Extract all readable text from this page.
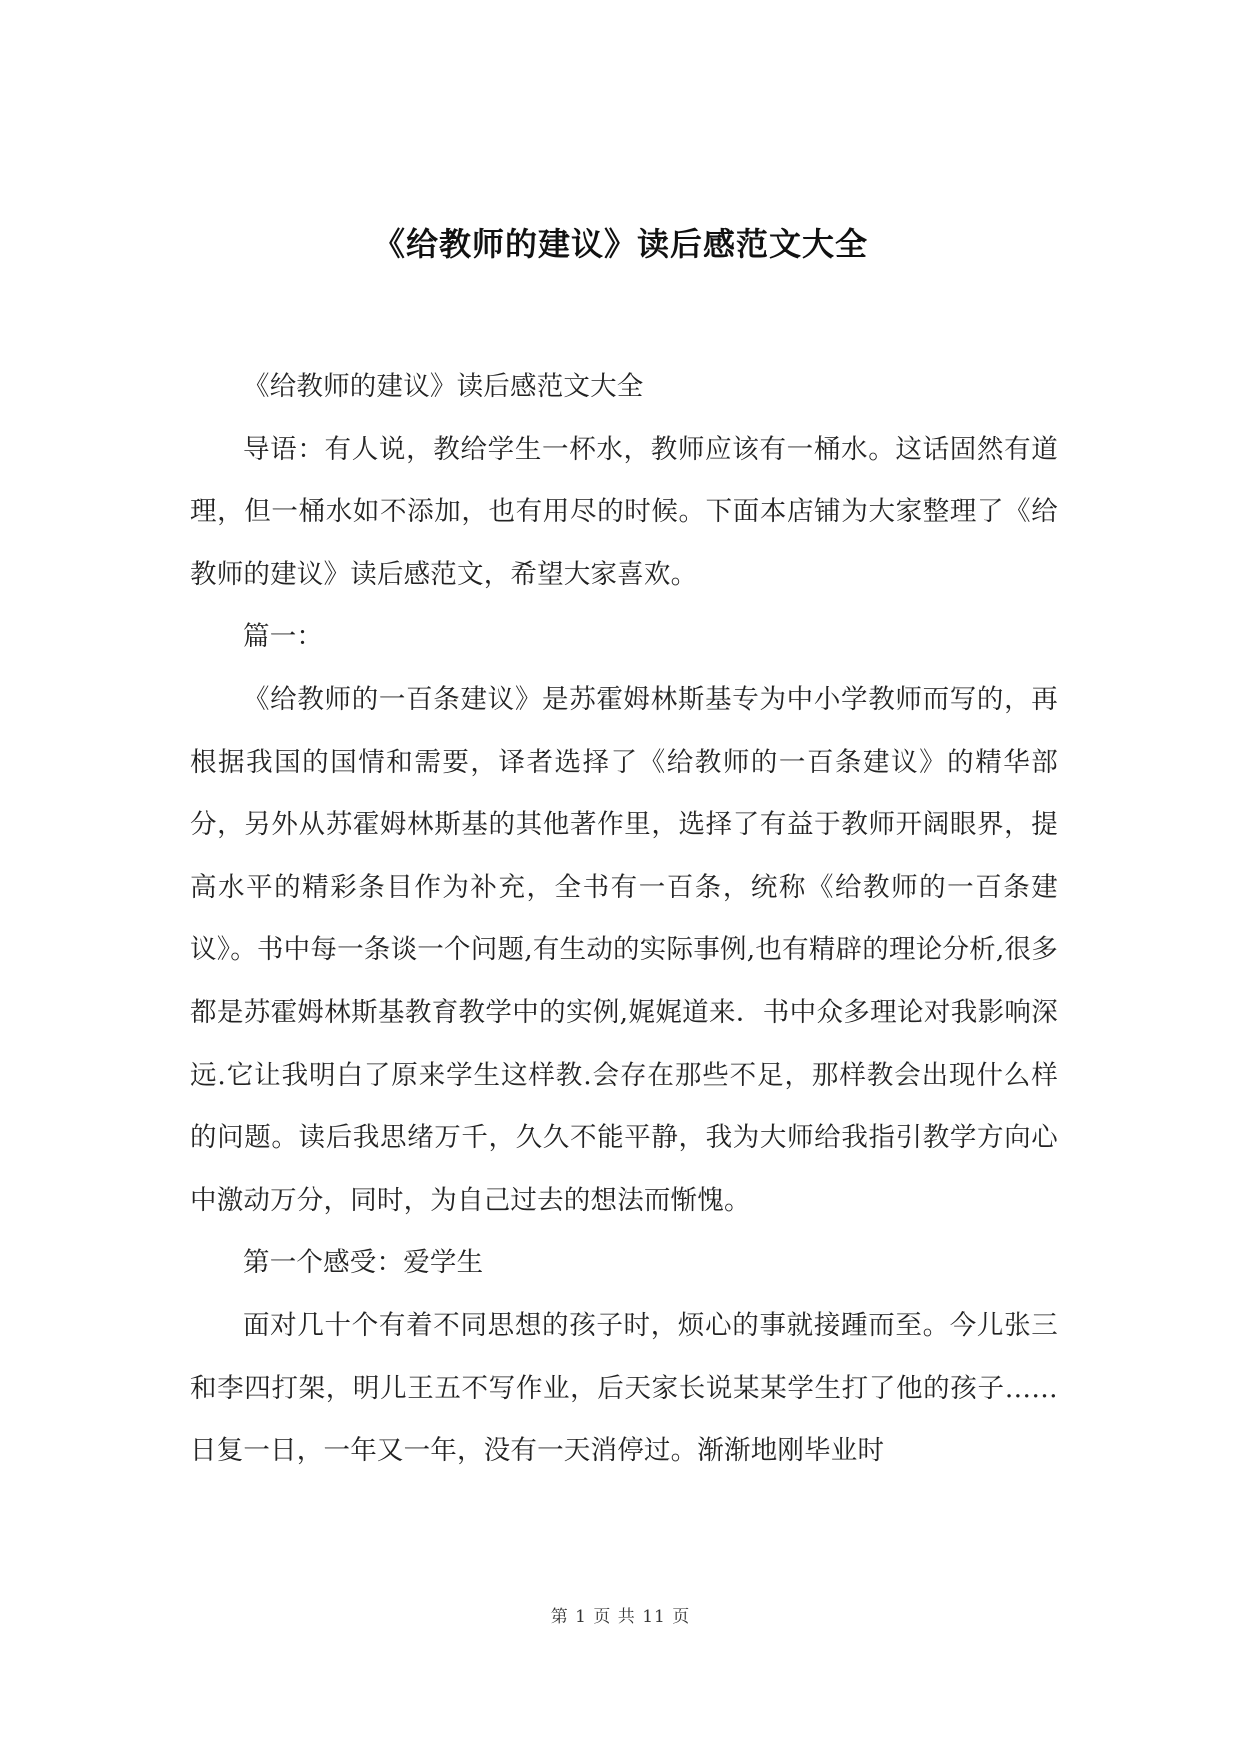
《给教师的建议》读后感范文大全

《给教师的建议》读后感范文大全

导语：有人说，教给学生一杯水，教师应该有一桶水。这话固然有道理，但一桶水如不添加，也有用尽的时候。下面本店铺为大家整理了《给教师的建议》读后感范文，希望大家喜欢。

篇一：

《给教师的一百条建议》是苏霍姆林斯基专为中小学教师而写的，再根据我国的国情和需要，译者选择了《给教师的一百条建议》的精华部分，另外从苏霍姆林斯基的其他著作里，选择了有益于教师开阔眼界，提高水平的精彩条目作为补充，全书有一百条，统称《给教师的一百条建议》。书中每一条谈一个问题,有生动的实际事例,也有精辟的理论分析,很多都是苏霍姆林斯基教育教学中的实例,娓娓道来．书中众多理论对我影响深远.它让我明白了原来学生这样教.会存在那些不足，那样教会出现什么样的问题。读后我思绪万千，久久不能平静，我为大师给我指引教学方向心中激动万分，同时，为自己过去的想法而惭愧。

第一个感受：爱学生

面对几十个有着不同思想的孩子时，烦心的事就接踵而至。今儿张三和李四打架，明儿王五不写作业，后天家长说某某学生打了他的孩子……日复一日，一年又一年，没有一天消停过。渐渐地刚毕业时

第 1 页 共 11 页
